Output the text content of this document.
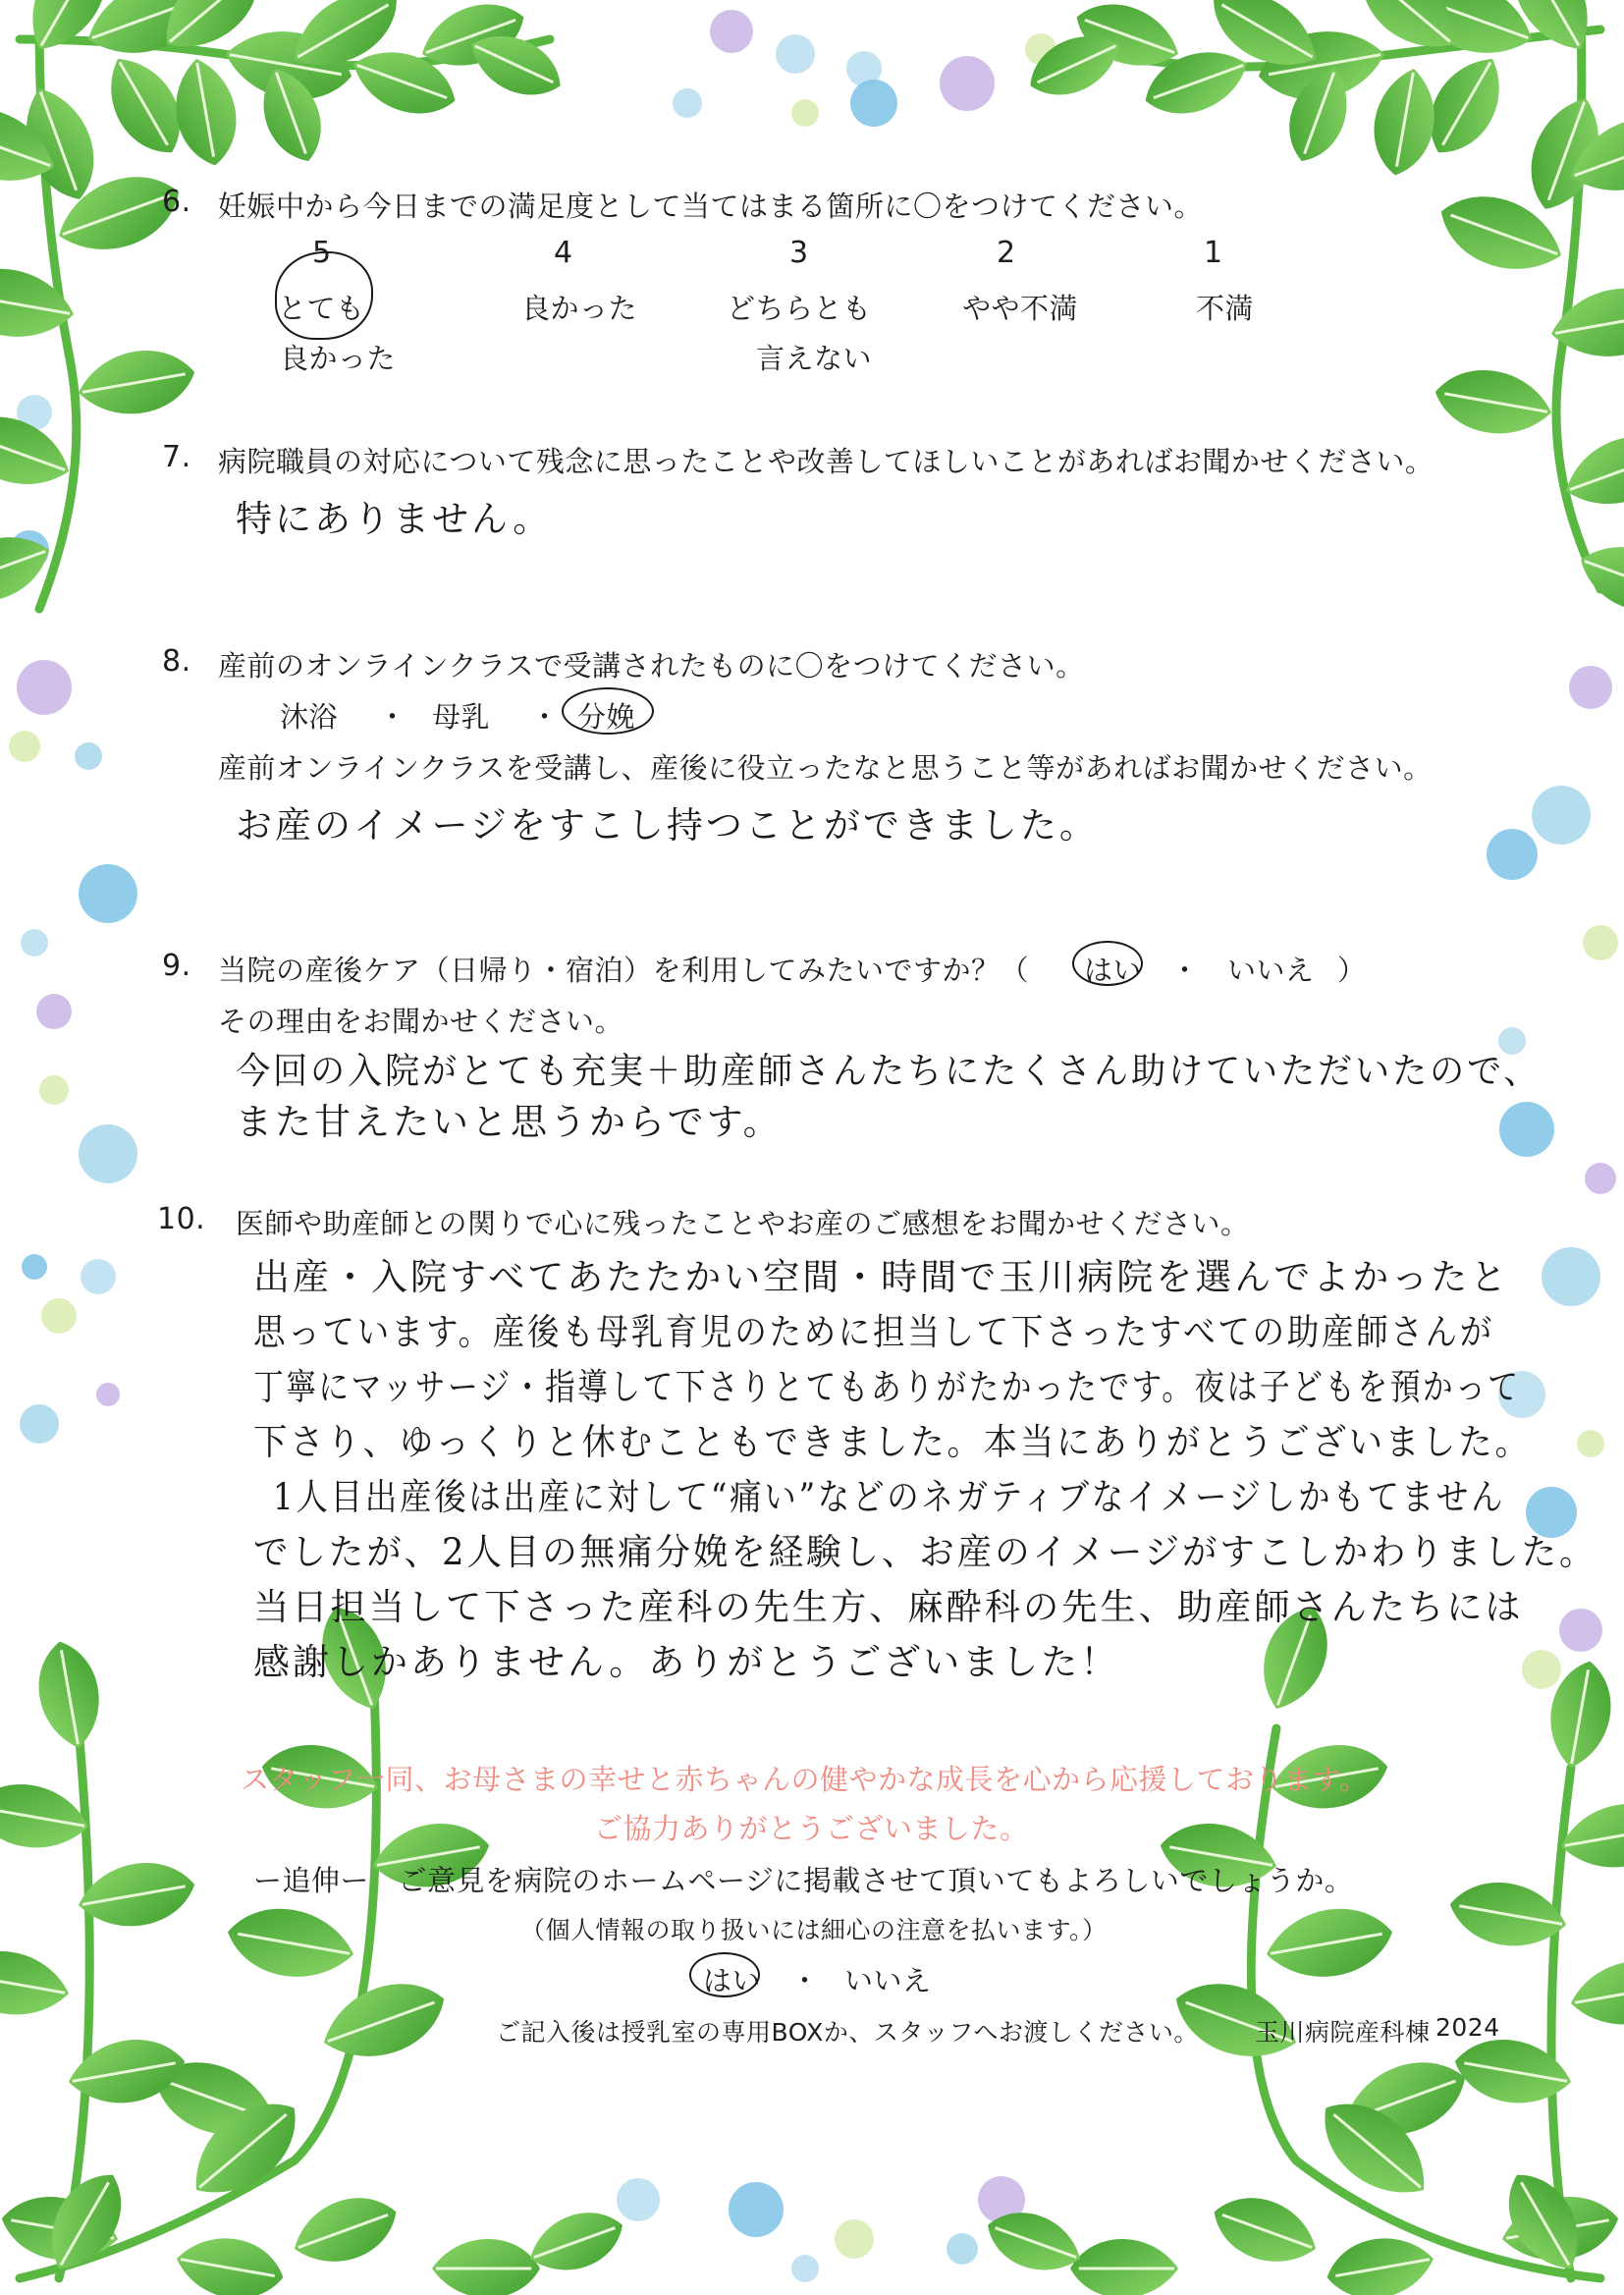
6. 妊娠中から今日までの満足度として当てはまる箇所に〇をつけてください。
5
とても
良かった
4
良かった
3
どちらとも
言えない
2
やや不満
1
不満
7. 病院職員の対応について残念に思ったことや改善してほしいことがあればお聞かせください。
特にありません。
8. 産前のオンラインクラスで受講されたものに〇をつけてください。
沐浴 ・ 母乳 ・ 分娩
産前オンラインクラスを受講し、産後に役立ったなと思うこと等があればお聞かせください。
お産のイメージをすこし持つことができました。
9. 当院の産後ケア（日帰り・宿泊）を利用してみたいですか？（ はい ・ いいえ ）
その理由をお聞かせください。
今回の入院がとても充実＋助産師さんたちにたくさん助けていただいたので、
また甘えたいと思うからです。
10. 医師や助産師との関りで心に残ったことやお産のご感想をお聞かせください。
出産・入院すべてあたたかい空間・時間で玉川病院を選んでよかったと
思っています。産後も母乳育児のために担当して下さったすべての助産師さんが
丁寧にマッサージ・指導して下さりとてもありがたかったです。夜は子どもを預かって
下さり、ゆっくりと休むこともできました。本当にありがとうございました。
1人目出産後は出産に対して“痛い”などのネガティブなイメージしかもてません
でしたが、2人目の無痛分娩を経験し、お産のイメージがすこしかわりました。
当日担当して下さった産科の先生方、麻酔科の先生、助産師さんたちには
感謝しかありません。ありがとうございました！
スタッフ一同、お母さまの幸せと赤ちゃんの健やかな成長を心から応援しております。
ご協力ありがとうございました。
ー追伸ー　ご意見を病院のホームページに掲載させて頂いてもよろしいでしょうか。
（個人情報の取り扱いには細心の注意を払います。）
はい ・ いいえ
ご記入後は授乳室の専用BOXか、スタッフへお渡しください。 玉川病院産科棟 2024
